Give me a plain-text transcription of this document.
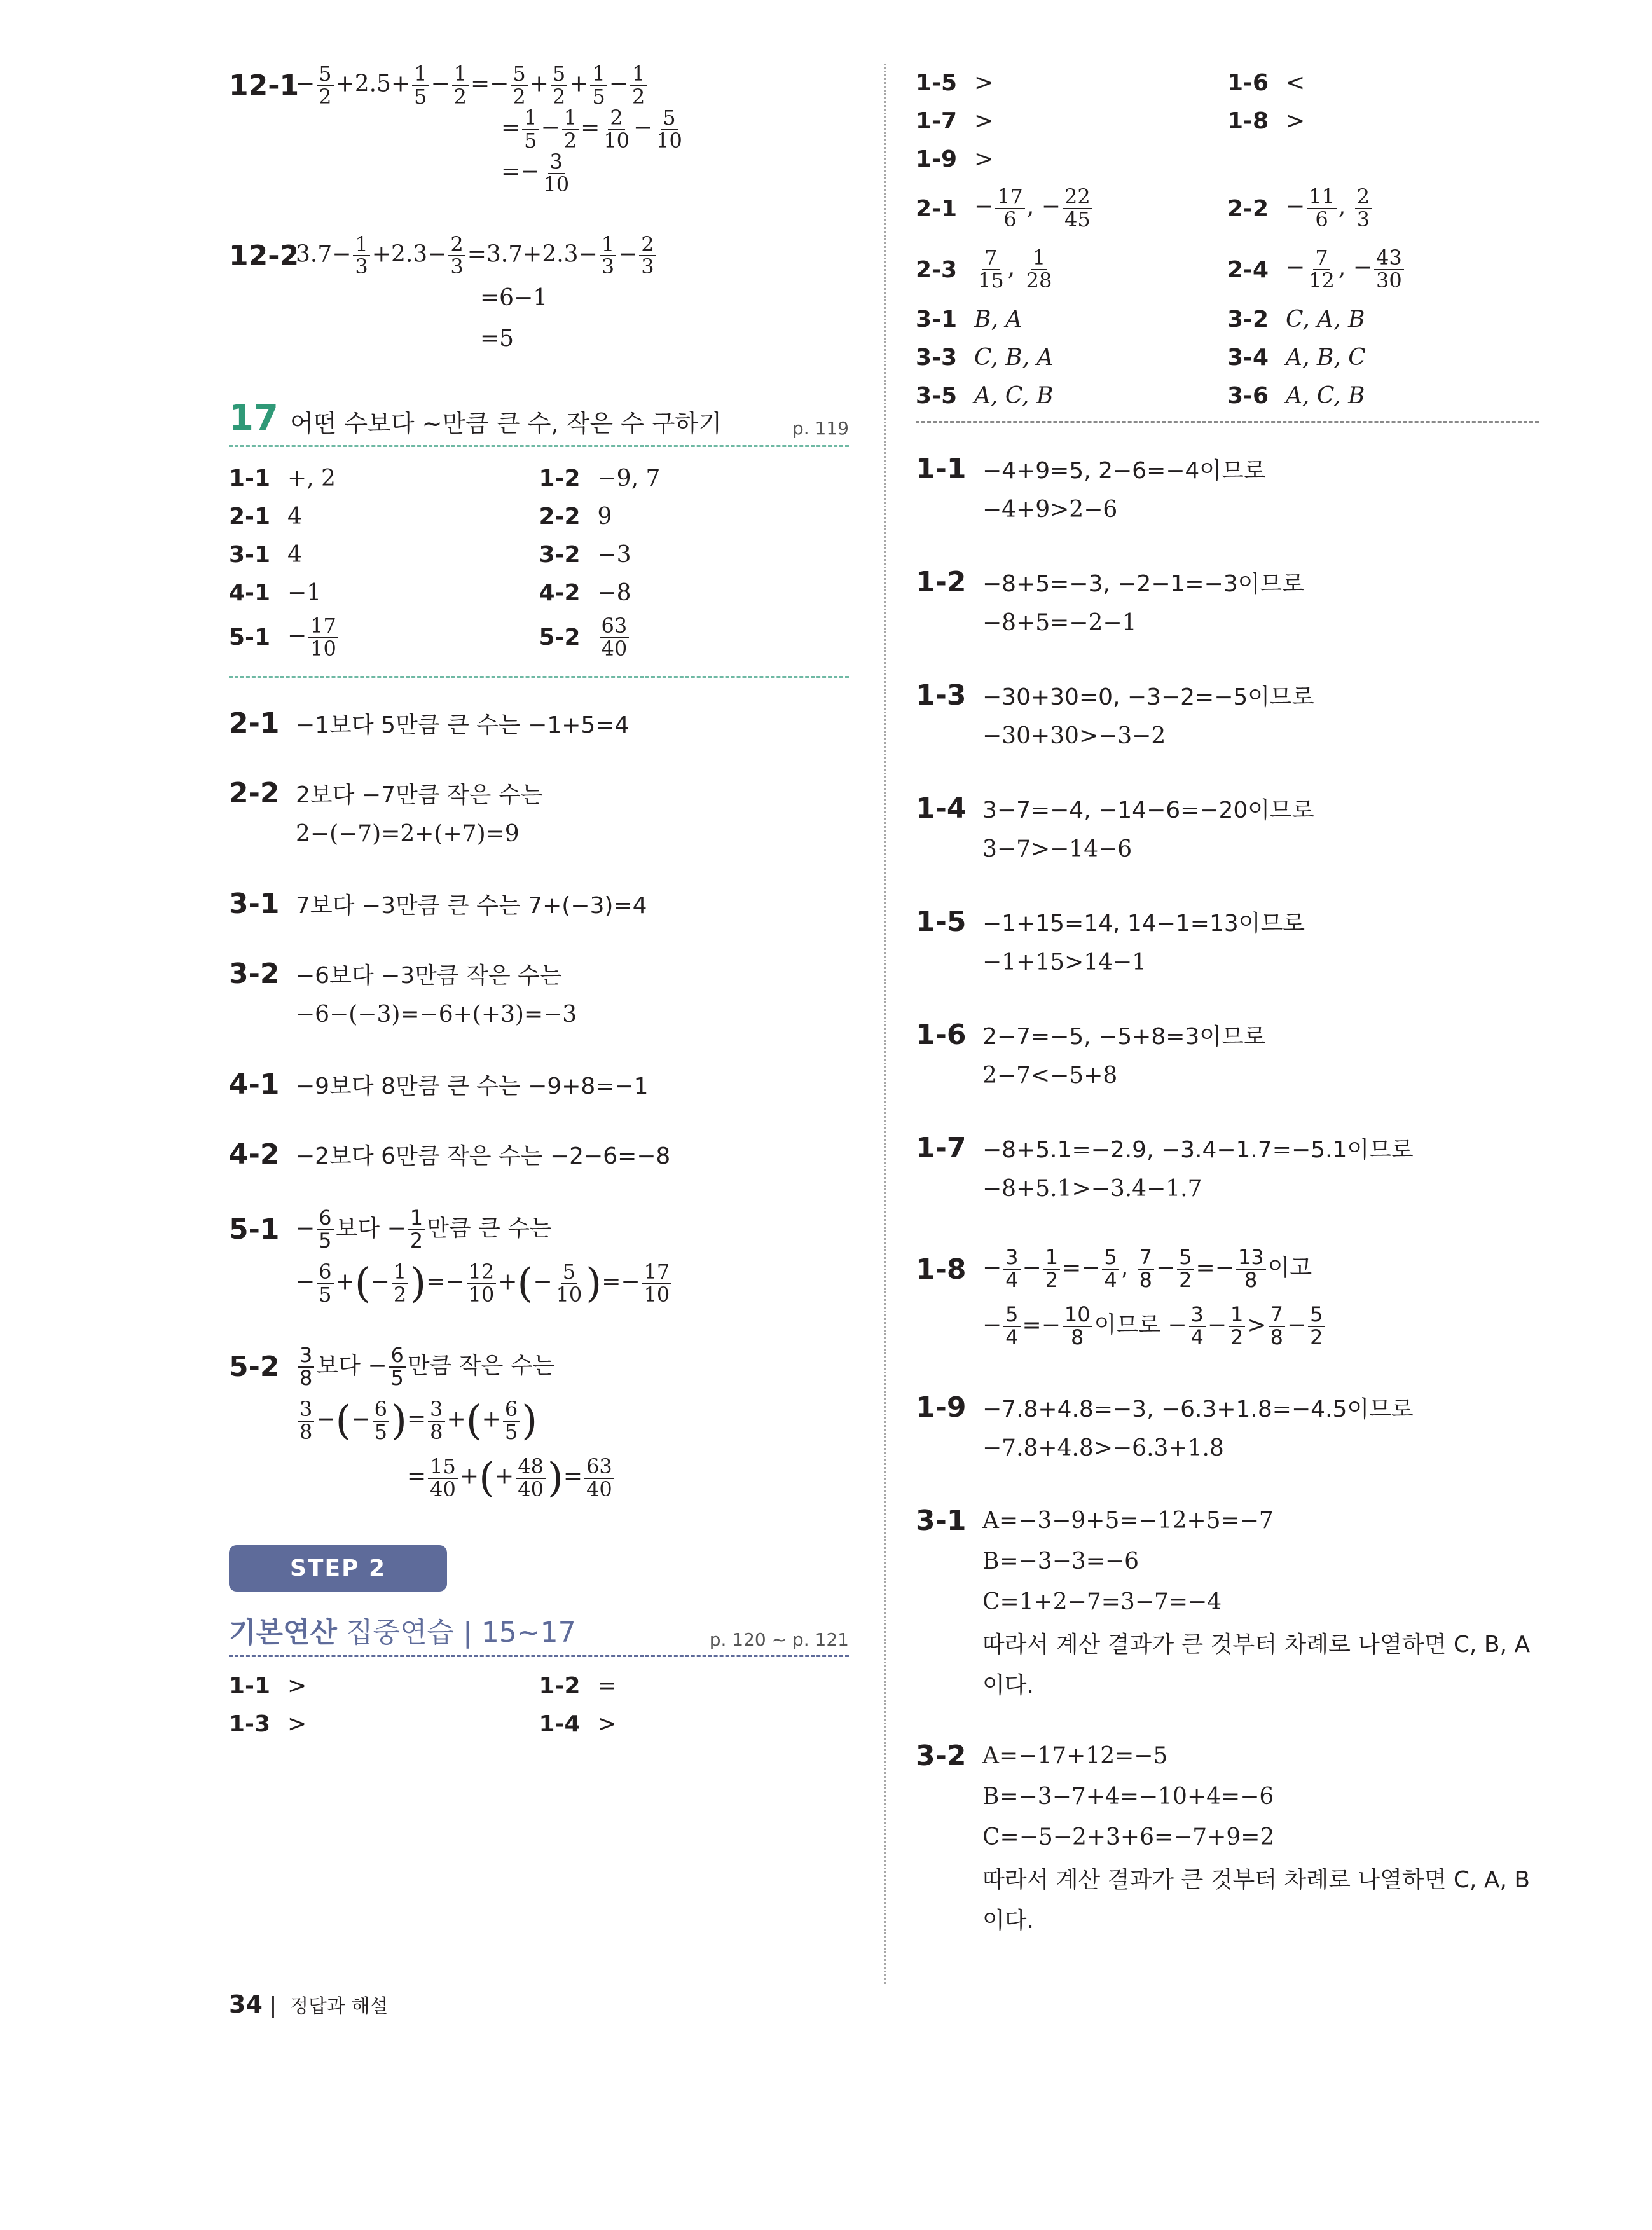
12-1
− $\frac{5}{2} +2.5+ \frac{1}{5} - \frac{1}{2} =- \frac{5}{2} + \frac{5}{2} + \frac{1}{5} - \frac{1}{2}$
= $\frac{1}{5} - \frac{1}{2} = \frac{2}{10} - \frac{5}{10}$
=− $\frac{3}{10}$
12-2
$3.7- \frac{1}{3} +2.3- \frac{2}{3} =3.7+2.3- \frac{1}{3} - \frac{2}{3}$
=6−1
=5
17 어떤 수보다 ~만큼 큰 수, 작은 수 구하기	p. 119
1-1 +, 2	1-2 −9, 7
2-1 4	2-2 9
3-1 4	3-2 −3
4-1 −1	4-2 −8
$5-1 - \frac{17}{10}$	$5-2 \frac{63}{40}$
2-1 −1보다 5만큼 큰 수는 −1+5=4
2-2 2보다 −7만큼 작은 수는
2−(−7)=2+(+7)=9
3-1 7보다 −3만큼 큰 수는 7+(−3)=4
3-2 −6보다 −3만큼 작은 수는
−6−(−3)=−6+(+3)=−3
4-1 −9보다 8만큼 큰 수는 −9+8=−1
4-2 −2보다 6만큼 작은 수는 −2−6=−8
$5-1 - \frac{6}{5}$ 보다 − $\frac{1}{2}$ 만큼 큰 수는
− $\frac{6}{5}$ +(− $\frac{1}{2}$ )=− $\frac{12}{10}$ +(− $\frac{5}{10}$ )=− $\frac{17}{10}$
$5-2 \frac{3}{8}$ 보다 − $\frac{6}{5}$ 만큼 작은 수는
$\frac{3}{8}$ −(− $\frac{6}{5}$ )= $\frac{3}{8}$ +(+ $\frac{6}{5}$ )
= $\frac{15}{40}$ +(+ $\frac{48}{40}$ )= $\frac{63}{40}$
STEP 2
기본연산 집중연습 | 15~17	p. 120 ~ p. 121
1-1 >	1-2 =
1-3 >	1-4 >
1-5 >	1-6 <
1-7 >	1-8 >
1-9 >
$2-1 - \frac{17}{6}$ , − $\frac{22}{45}$	$2-2 - \frac{11}{6}$ , $\frac{2}{3}$
$2-3 \frac{7}{15}$ , $\frac{1}{28}$	$2-4 - \frac{7}{12}$ , − $\frac{43}{30}$
3-1 B, A	3-2 C, A, B
3-3 C, B, A	3-4 A, B, C
3-5 A, C, B	3-6 A, C, B
1-1 −4+9=5, 2−6=−4이므로
−4+9>2−6
1-2 −8+5=−3, −2−1=−3이므로
−8+5=−2−1
1-3 −30+30=0, −3−2=−5이므로
−30+30>−3−2
1-4 3−7=−4, −14−6=−20이므로
3−7>−14−6
1-5 −1+15=14, 14−1=13이므로
−1+15>14−1
1-6 2−7=−5, −5+8=3이므로
2−7<−5+8
1-7 −8+5.1=−2.9, −3.4−1.7=−5.1이므로
−8+5.1>−3.4−1.7
$1-8 - \frac{3}{4} - \frac{1}{2} =- \frac{5}{4}$ , $\frac{7}{8} - \frac{5}{2} =- \frac{13}{8}$ 이고
− $\frac{5}{4} =- \frac{10}{8}$ 이므로 − $\frac{3}{4} - \frac{1}{2} > \frac{7}{8} - \frac{5}{2}$
1-9 −7.8+4.8=−3, −6.3+1.8=−4.5이므로
−7.8+4.8>−6.3+1.8
3-1 A=−3−9+5=−12+5=−7
B=−3−3=−6
C=1+2−7=3−7=−4
따라서 계산 결과가 큰 것부터 차례로 나열하면 C, B, A
이다.
3-2 A=−17+12=−5
B=−3−7+4=−10+4=−6
C=−5−2+3+6=−7+9=2
따라서 계산 결과가 큰 것부터 차례로 나열하면 C, A, B
이다.
34 | 정답과 해설
